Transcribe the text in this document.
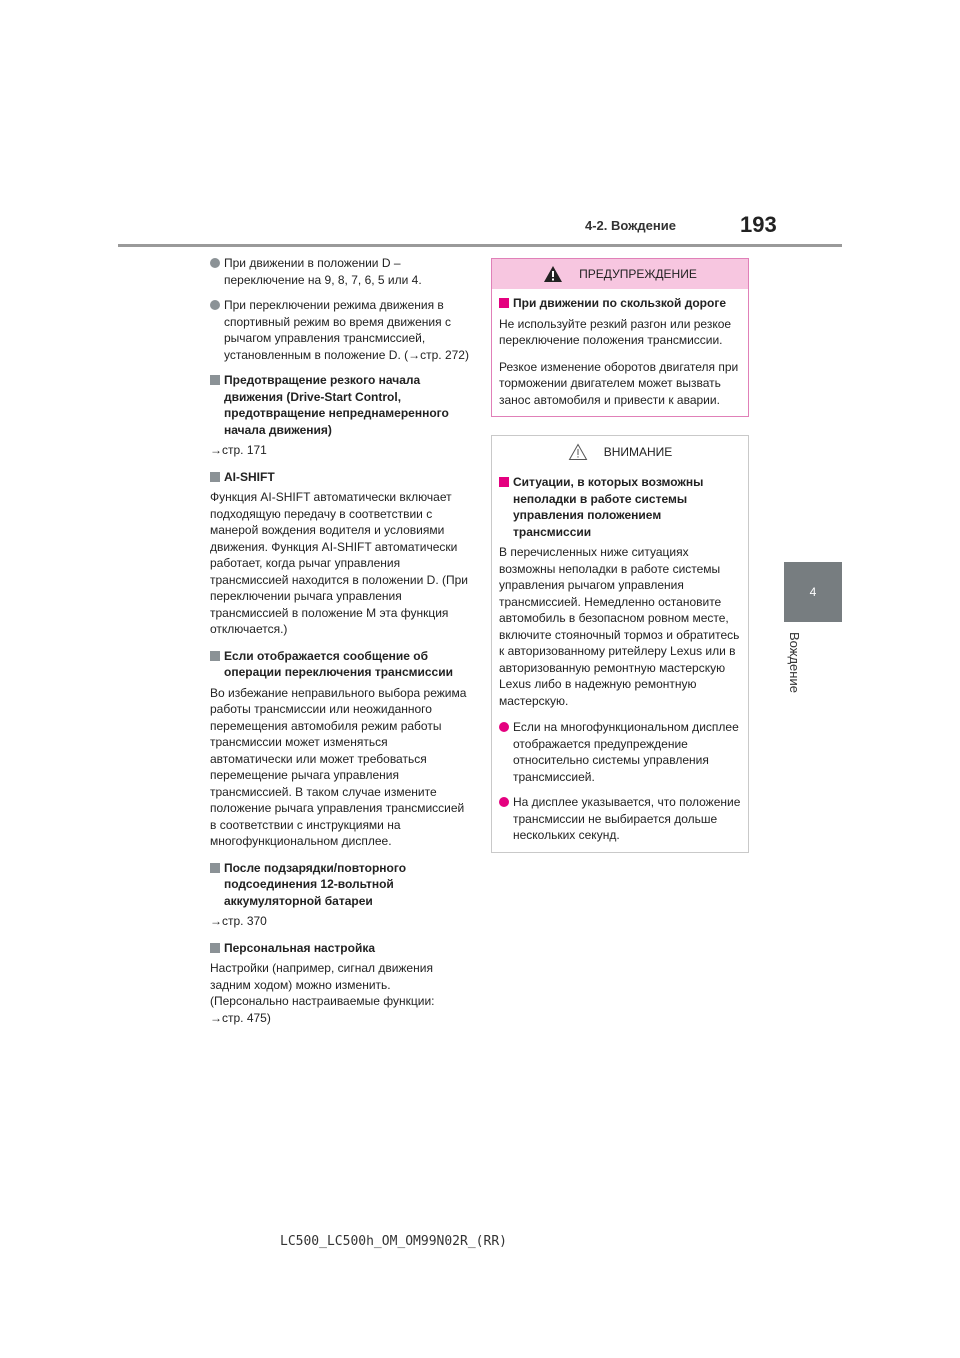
4-2. Вождение	193
4
Вождение
При движении в положении D – переключение на 9, 8, 7, 6, 5 или 4.
При переключении режима движения в спортивный режим во время движения с рычагом управления трансмиссией, установленным в положение D. (→стр. 272)
Предотвращение резкого начала движения (Drive-Start Control, предотвращение непреднамеренного начала движения)
→стр. 171
AI-SHIFT
Функция AI-SHIFT автоматически включает подходящую передачу в соответствии с манерой вождения водителя и условиями движения. Функция AI-SHIFT автоматически работает, когда рычаг управления трансмиссией находится в положении D. (При переключении рычага управления трансмиссией в положение M эта функция отключается.)
Если отображается сообщение об операции переключения трансмиссии
Во избежание неправильного выбора режима работы трансмиссии или неожиданного перемещения автомобиля режим работы трансмиссии может изменяться автоматически или может требоваться перемещение рычага управления трансмиссией. В таком случае измените положение рычага управления трансмиссией в соответствии с инструкциями на многофункциональном дисплее.
После подзарядки/повторного подсоединения 12-вольтной аккумуляторной батареи
→стр. 370
Персональная настройка
Настройки (например, сигнал движения задним ходом) можно изменить. (Персонально настраиваемые функции: →стр. 475)
ПРЕДУПРЕЖДЕНИЕ
При движении по скользкой дороге
Не используйте резкий разгон или резкое переключение положения трансмиссии.
Резкое изменение оборотов двигателя при торможении двигателем может вызвать занос автомобиля и привести к аварии.
ВНИМАНИЕ
Ситуации, в которых возможны неполадки в работе системы управления положением трансмиссии
В перечисленных ниже ситуациях возможны неполадки в работе системы управления рычагом управления трансмиссией. Немедленно остановите автомобиль в безопасном ровном месте, включите стояночный тормоз и обратитесь к авторизованному ритейлеру Lexus или в авторизованную ремонтную мастерскую Lexus либо в надежную ремонтную мастерскую.
Если на многофункциональном дисплее отображается предупреждение относительно системы управления трансмиссией.
На дисплее указывается, что положение трансмиссии не выбирается дольше нескольких секунд.
LC500_LC500h_OM_OM99N02R_(RR)
